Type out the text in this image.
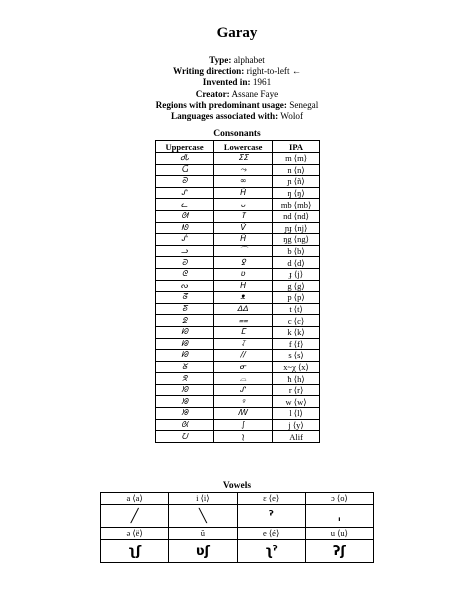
Garay
Type: alphabet
Writing direction: right-to-left ←
Invented in: 1961
Creator: Assane Faye
Regions with predominant usage: Senegal
Languages associated with: Wolof
Consonants
Uppercase	Lowercase	IPA
ᏧᏓ	ⵉⵉ	m ⟨m⟩
Ⴚ	⤳	n ⟨n⟩
ᘐ	∞	ɲ ⟨ñ⟩
ᔑ	Ĥ	ŋ ⟨ŋ⟩
ᓚ	ᴗ	mb ⟨mb⟩
ᘛ	ⴶ	nd ⟨nd⟩
ᘚ	Ṽ	ɲɟ ⟨nj⟩
ᔒ	Ḧ	ŋg ⟨ng⟩
ᓗ	⌒	b ⟨b⟩
ᘒ	ꝿ	d ⟨d⟩
ᘓ	ʋ	ɟ ⟨j⟩
ᔓ	H	g ⟨g⟩
ᘔ	ᴥ	p ⟨p⟩
ᘕ	ᐃᐃ	t ⟨t⟩
ᘖ	⩵	c ⟨c⟩
ᘗ	ⵎ	k ⟨k⟩
ᘘ	⥡	f ⟨f⟩
ᘙ	//	s ⟨s⟩
ᘜ	ᓂ	x~χ ⟨x⟩
ᘝ	⌓	ħ ⟨h⟩
ᘞ	ᔑ	r ⟨r⟩
ᘟ	ꝰ	w ⟨w⟩
ᘠ	ꟿ	l ⟨l⟩
ᘡ	∫	j ⟨y⟩
ᘢ	ʅ	Alif
Vowels
a ⟨a⟩	i ⟨i⟩	ɛ ⟨e⟩	ɔ ⟨o⟩
╱	╲	ˀ	ˌ
ə ⟨ë⟩	ŭ	e ⟨é⟩	u ⟨u⟩
ʅʃ	ʋʃ	ʅˀ	ʔʃ
